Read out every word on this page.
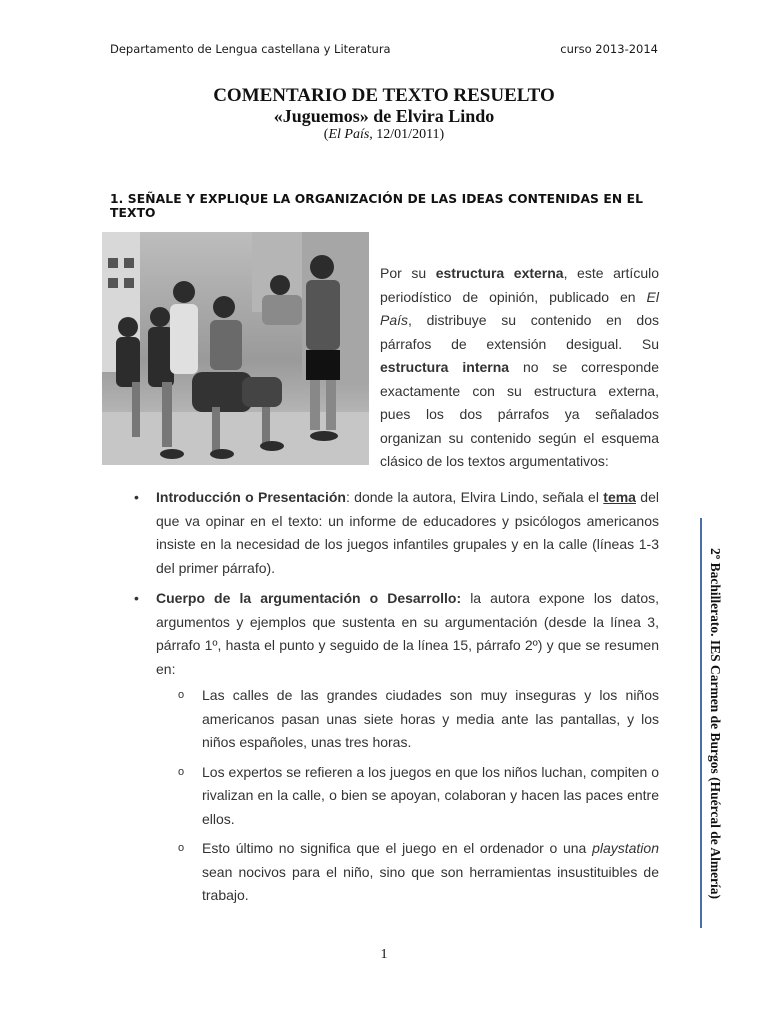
Departamento de Lengua castellana y Literatura	curso 2013-2014
COMENTARIO DE TEXTO RESUELTO
«Juguemos» de Elvira Lindo
(El País, 12/01/2011)
1. SEÑALE Y EXPLIQUE LA ORGANIZACIÓN DE LAS IDEAS CONTENIDAS EN EL TEXTO
Por su estructura externa, este artículo periodístico de opinión, publicado en El País, distribuye su contenido en dos párrafos de extensión desigual. Su estructura interna no se corresponde exactamente con su estructura externa, pues los dos párrafos ya señalados organizan su contenido según el esquema clásico de los textos argumentativos:
• Introducción o Presentación: donde la autora, Elvira Lindo, señala el tema del que va opinar en el texto: un informe de educadores y psicólogos americanos insiste en la necesidad de los juegos infantiles grupales y en la calle (líneas 1-3 del primer párrafo).
• Cuerpo de la argumentación o Desarrollo: la autora expone los datos, argumentos y ejemplos que sustenta en su argumentación (desde la línea 3, párrafo 1º, hasta el punto y seguido de la línea 15, párrafo 2º) y que se resumen en:
o Las calles de las grandes ciudades son muy inseguras y los niños americanos pasan unas siete horas y media ante las pantallas, y los niños españoles, unas tres horas.
o Los expertos se refieren a los juegos en que los niños luchan, compiten o rivalizan en la calle, o bien se apoyan, colaboran y hacen las paces entre ellos.
o Esto último no significa que el juego en el ordenador o una playstation sean nocivos para el niño, sino que son herramientas insustituibles de trabajo.	2º Bachillerato. IES Carmen de Burgos (Huércal de Almería)
1
